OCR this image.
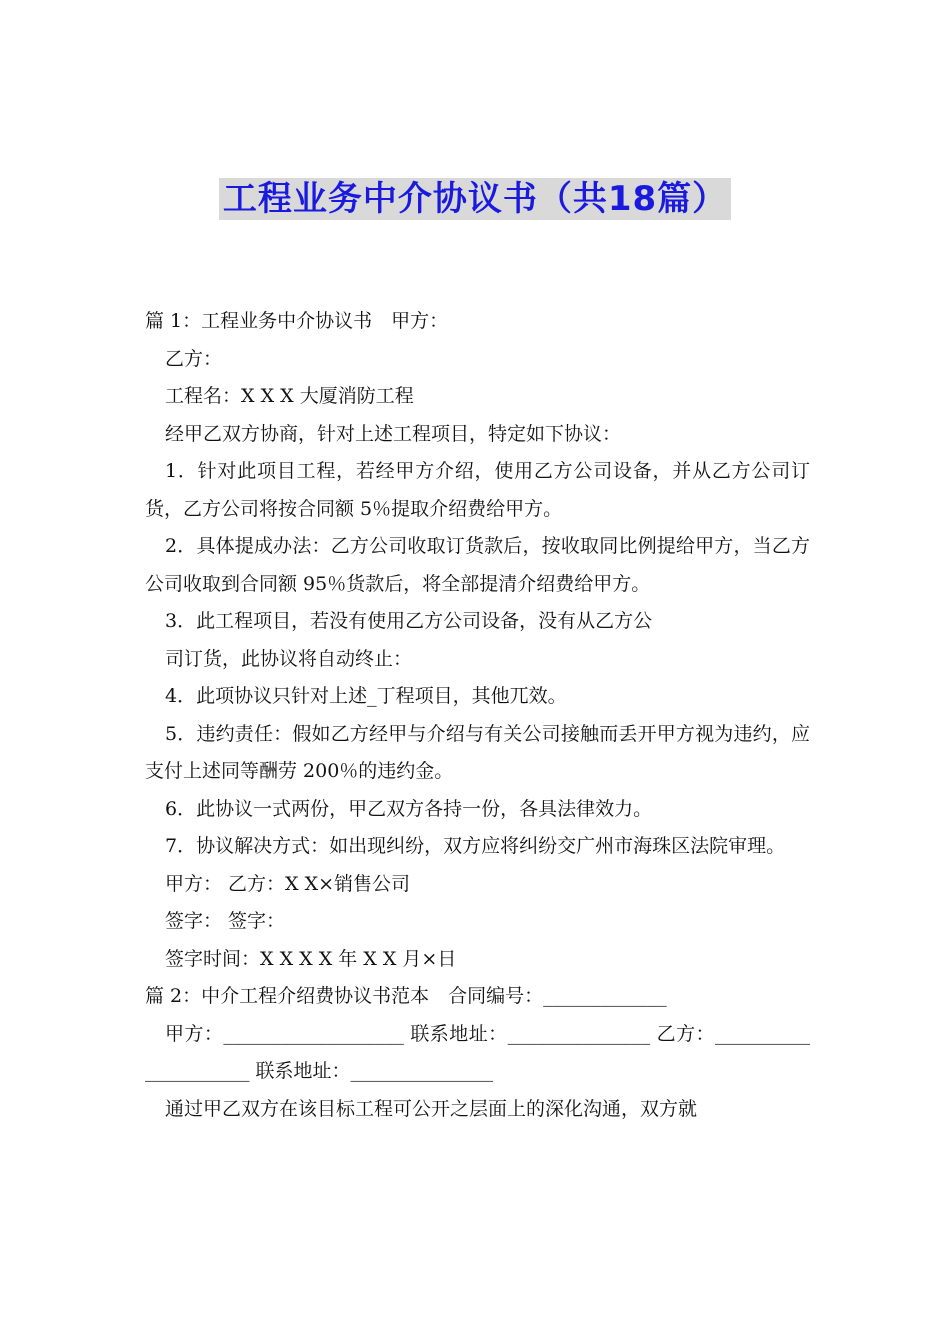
工程业务中介协议书（共18篇）

篇 1：工程业务中介协议书　甲方：

乙方：

工程名：X X X 大厦消防工程

经甲乙双方协商，针对上述工程项目，特定如下协议：

1．针对此项目工程，若经甲方介绍，使用乙方公司设备，并从乙方公司订货，乙方公司将按合同额 5％提取介绍费给甲方。

2．具体提成办法：乙方公司收取订货款后，按收取同比例提给甲方，当乙方公司收取到合同额 95％货款后，将全部提清介绍费给甲方。

3．此工程项目，若没有使用乙方公司设备，没有从乙方公

司订货，此协议将自动终止：

4．此项协议只针对上述_丁程项目，其他兀效。

5．违约责任：假如乙方经甲与介绍与有关公司接触而丢开甲方视为违约，应支付上述同等酬劳 200％的违约金。

6．此协议一式两份，甲乙双方各持一份，各具法律效力。

7．协议解决方式：如出现纠纷，双方应将纠纷交广州市海珠区法院审理。

甲方： 乙方：X X×销售公司

签字： 签字：

签字时间：X X X X 年 X X 月×日

篇 2：中介工程介绍费协议书范本　合同编号：_____________

甲方：___________________ 联系地址：_______________ 乙方：_____________________ 联系地址：_______________

通过甲乙双方在该目标工程可公开之层面上的深化沟通，双方就
